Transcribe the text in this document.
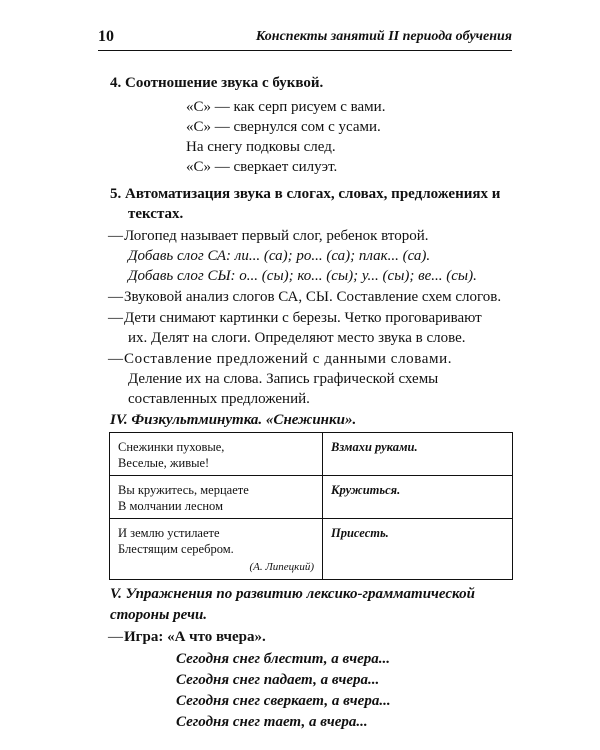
10	Конспекты занятий II периода обучения
4. Соотношение звука с буквой.
«С» — как серп рисуем с вами.
«С» — свернулся сом с усами.
На снегу подковы след.
«С» — сверкает силуэт.
5. Автоматизация звука в слогах, словах, предложениях и
текстах.
—Логопед называет первый слог, ребенок второй.
Добавь слог СА: ли... (са); ро... (са); плак... (са).
Добавь слог СЫ: о... (сы); ко... (сы); у... (сы); ве... (сы).
—Звуковой анализ слогов СА, СЫ. Составление схем слогов.
—Дети снимают картинки с березы. Четко проговаривают
их. Делят на слоги. Определяют место звука в слове.
—Составление предложений с данными словами.
Деление их на слова. Запись графической схемы
составленных предложений.
IV. Физкультминутка. «Снежинки».
Снежинки пуховые,
Веселые, живые!	Взмахи руками.

Вы кружитесь, мерцаете
В молчании лесном	Кружиться.

И землю устилаете
Блестящим серебром.
(А. Липецкий)	Присесть.
V. Упражнения по развитию лексико-грамматической
стороны речи.
—Игра: «А что вчера».
Сегодня снег блестит, а вчера...
Сегодня снег падает, а вчера...
Сегодня снег сверкает, а вчера...
Сегодня снег тает, а вчера...
